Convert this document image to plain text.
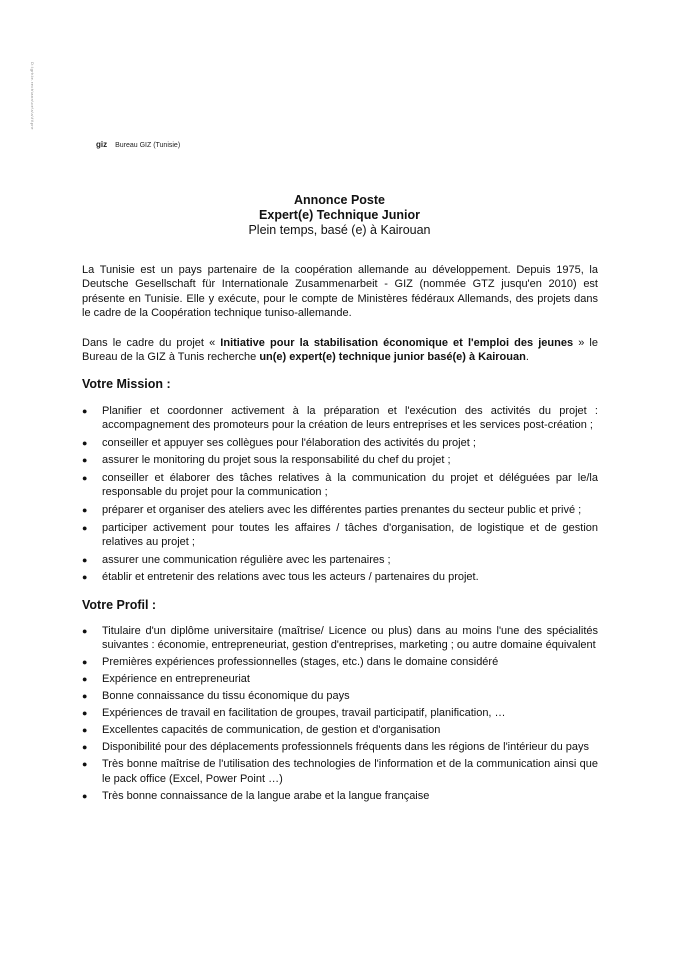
D:\grh\e.rech\ann\ce\s\s\fi\pre
giz Bureau GIZ (Tunisie)
Annonce Poste
Expert(e) Technique Junior
Plein temps, basé (e) à Kairouan

La Tunisie est un pays partenaire de la coopération allemande au développement. Depuis 1975, la Deutsche Gesellschaft für Internationale Zusammenarbeit - GIZ (nommée GTZ jusqu'en 2010) est présente en Tunisie. Elle y exécute, pour le compte de Ministères fédéraux Allemands, des projets dans le cadre de la Coopération technique tuniso-allemande.

Dans le cadre du projet « Initiative pour la stabilisation économique et l'emploi des jeunes » le Bureau de la GIZ à Tunis recherche un(e) expert(e) technique junior basé(e) à Kairouan.

Votre Mission :
● Planifier et coordonner activement à la préparation et l'exécution des activités du projet : accompagnement des promoteurs pour la création de leurs entreprises et les services post-création ;
● conseiller et appuyer ses collègues pour l'élaboration des activités du projet ;
● assurer le monitoring du projet sous la responsabilité du chef du projet ;
● conseiller et élaborer des tâches relatives à la communication du projet et déléguées par le/la responsable du projet pour la communication ;
● préparer et organiser des ateliers avec les différentes parties prenantes du secteur public et privé ;
● participer activement pour toutes les affaires / tâches d'organisation, de logistique et de gestion relatives au projet ;
● assurer une communication régulière avec les partenaires ;
● établir et entretenir des relations avec tous les acteurs / partenaires du projet.
Votre Profil :
● Titulaire d'un diplôme universitaire (maîtrise/ Licence ou plus) dans au moins l'une des spécialités suivantes : économie, entrepreneuriat, gestion d'entreprises, marketing ; ou autre domaine équivalent
● Premières expériences professionnelles (stages, etc.) dans le domaine considéré
● Expérience en entrepreneuriat
● Bonne connaissance du tissu économique du pays
● Expériences de travail en facilitation de groupes, travail participatif, planification, …
● Excellentes capacités de communication, de gestion et d'organisation
● Disponibilité pour des déplacements professionnels fréquents dans les régions de l'intérieur du pays
● Très bonne maîtrise de l'utilisation des technologies de l'information et de la communication ainsi que le pack office (Excel, Power Point …)
● Très bonne connaissance de la langue arabe et la langue française
